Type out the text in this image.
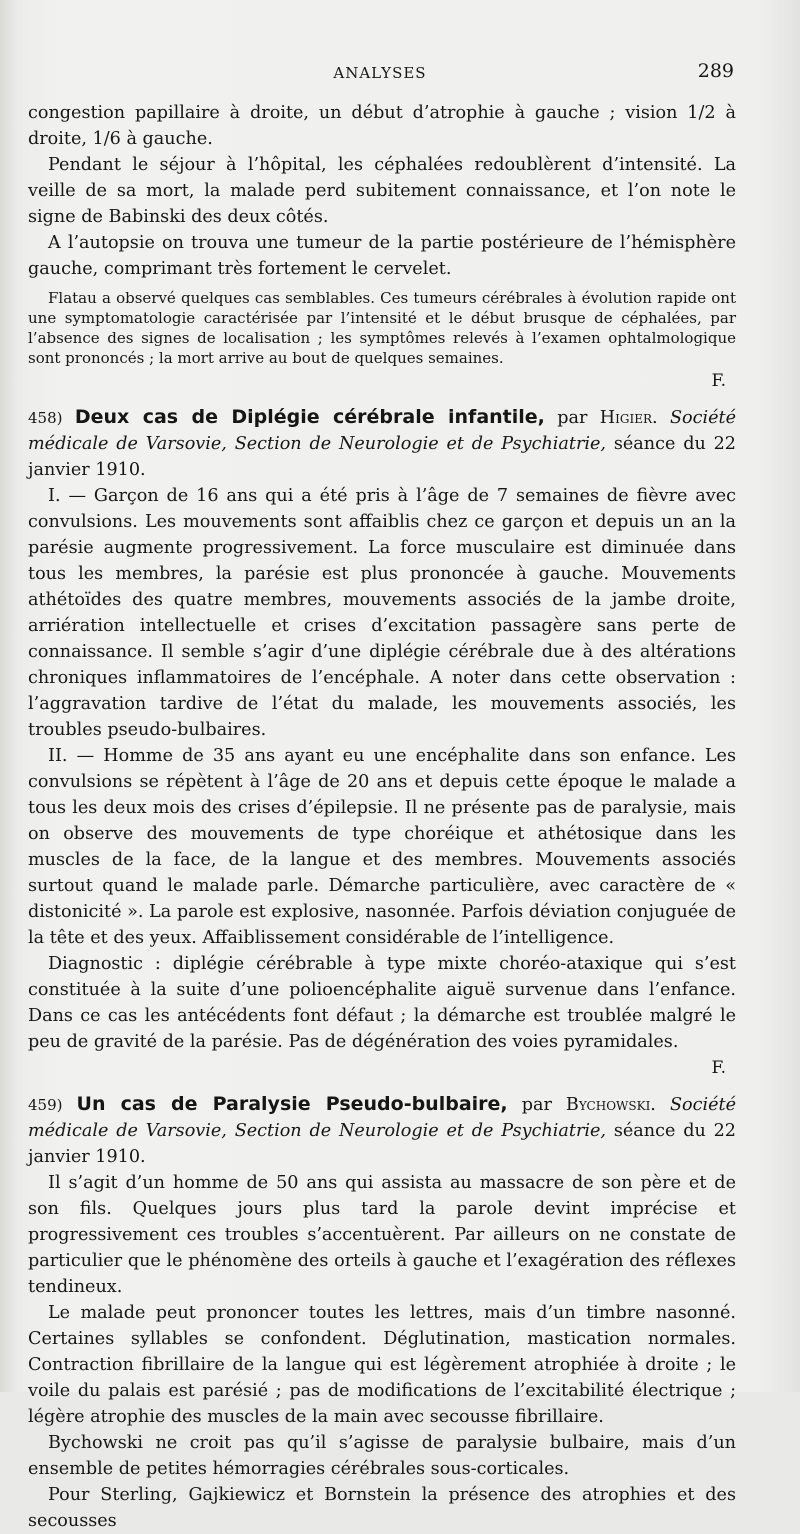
ANALYSES	289

congestion papillaire à droite, un début d’atrophie à gauche ; vision 1/2 à droite, 1/6 à gauche.

Pendant le séjour à l’hôpital, les céphalées redoublèrent d’intensité. La veille de sa mort, la malade perd subitement connaissance, et l’on note le signe de Babinski des deux côtés.

A l’autopsie on trouva une tumeur de la partie postérieure de l’hémisphère gauche, comprimant très fortement le cervelet.

Flatau a observé quelques cas semblables. Ces tumeurs cérébrales à évolution rapide ont une symptomatologie caractérisée par l’intensité et le début brusque de céphalées, par l’absence des signes de localisation ; les symptômes relevés à l’examen ophtalmologique sont prononcés ; la mort arrive au bout de quelques semaines.

F.

458) Deux cas de Diplégie cérébrale infantile, par Higier. Société médicale de Varsovie, Section de Neurologie et de Psychiatrie, séance du 22 janvier 1910.

I. — Garçon de 16 ans qui a été pris à l’âge de 7 semaines de fièvre avec convulsions. Les mouvements sont affaiblis chez ce garçon et depuis un an la parésie augmente progressivement. La force musculaire est diminuée dans tous les membres, la parésie est plus prononcée à gauche. Mouvements athétoïdes des quatre membres, mouvements associés de la jambe droite, arriération intellectuelle et crises d’excitation passagère sans perte de connaissance. Il semble s’agir d’une diplégie cérébrale due à des altérations chroniques inflammatoires de l’encéphale. A noter dans cette observation : l’aggravation tardive de l’état du malade, les mouvements associés, les troubles pseudo-bulbaires.

II. — Homme de 35 ans ayant eu une encéphalite dans son enfance. Les convulsions se répètent à l’âge de 20 ans et depuis cette époque le malade a tous les deux mois des crises d’épilepsie. Il ne présente pas de paralysie, mais on observe des mouvements de type choréique et athétosique dans les muscles de la face, de la langue et des membres. Mouvements associés surtout quand le malade parle. Démarche particulière, avec caractère de « distonicité ». La parole est explosive, nasonnée. Parfois déviation conjuguée de la tête et des yeux. Affaiblissement considérable de l’intelligence.

Diagnostic : diplégie cérébrable à type mixte choréo-ataxique qui s’est constituée à la suite d’une polioencéphalite aiguë survenue dans l’enfance. Dans ce cas les antécédents font défaut ; la démarche est troublée malgré le peu de gravité de la parésie. Pas de dégénération des voies pyramidales.

F.

459) Un cas de Paralysie Pseudo-bulbaire, par Bychowski. Société médicale de Varsovie, Section de Neurologie et de Psychiatrie, séance du 22 janvier 1910.

Il s’agit d’un homme de 50 ans qui assista au massacre de son père et de son fils. Quelques jours plus tard la parole devint imprécise et progressivement ces troubles s’accentuèrent. Par ailleurs on ne constate de particulier que le phénomène des orteils à gauche et l’exagération des réflexes tendineux.

Le malade peut prononcer toutes les lettres, mais d’un timbre nasonné. Certaines syllables se confondent. Déglutination, mastication normales. Contraction fibrillaire de la langue qui est légèrement atrophiée à droite ; le voile du palais est parésié ; pas de modifications de l’excitabilité électrique ; légère atrophie des muscles de la main avec secousse fibrillaire.

Bychowski ne croit pas qu’il s’agisse de paralysie bulbaire, mais d’un ensemble de petites hémorragies cérébrales sous-corticales.

Pour Sterling, Gajkiewicz et Bornstein la présence des atrophies et des secousses
